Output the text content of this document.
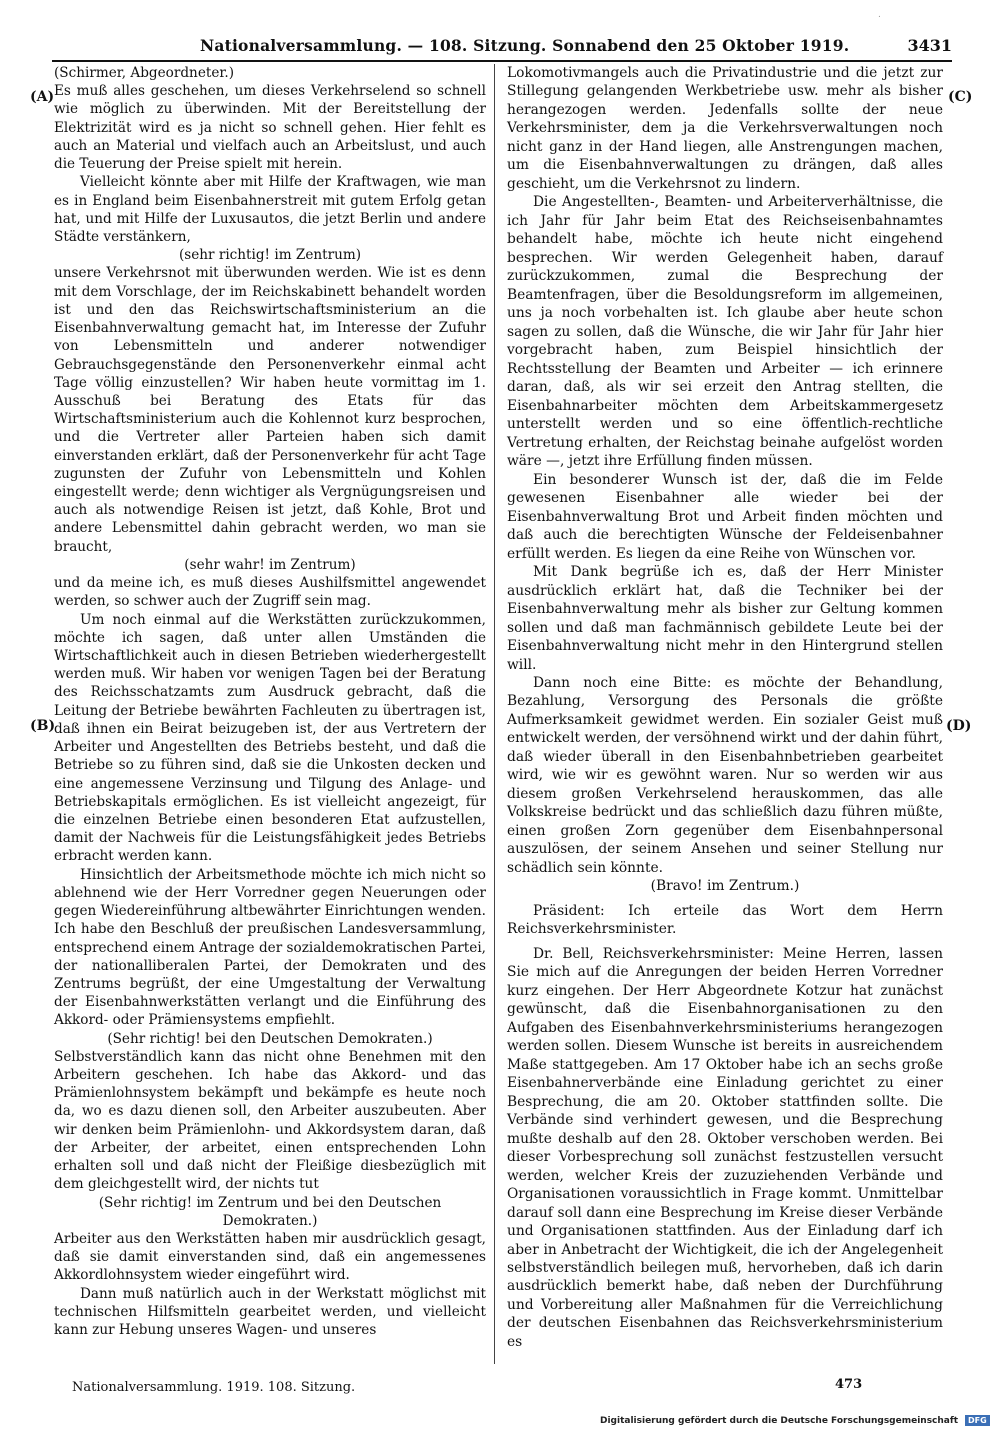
.
Nationalversammlung. — 108. Sitzung. Sonnabend den 25 Oktober 1919.	3431

(Schirmer, Abgeordneter.)

Es muß alles geschehen, um dieses Verkehrselend so schnell wie möglich zu überwinden. Mit der Bereitstellung der Elektrizität wird es ja nicht so schnell gehen. Hier fehlt es auch an Material und vielfach auch an Arbeitslust, und auch die Teuerung der Preise spielt mit herein.

Vielleicht könnte aber mit Hilfe der Kraftwagen, wie man es in England beim Eisenbahnerstreit mit gutem Erfolg getan hat, und mit Hilfe der Luxusautos, die jetzt Berlin und andere Städte verstänkern,

(sehr richtig! im Zentrum)

unsere Verkehrsnot mit überwunden werden. Wie ist es denn mit dem Vorschlage, der im Reichskabinett behandelt worden ist und den das Reichswirtschaftsministerium an die Eisenbahnverwaltung gemacht hat, im Interesse der Zufuhr von Lebensmitteln und anderer notwendiger Gebrauchsgegenstände den Personenverkehr einmal acht Tage völlig einzustellen? Wir haben heute vormittag im 1. Ausschuß bei Beratung des Etats für das Wirtschaftsministerium auch die Kohlennot kurz besprochen, und die Vertreter aller Parteien haben sich damit einverstanden erklärt, daß der Personenverkehr für acht Tage zugunsten der Zufuhr von Lebensmitteln und Kohlen eingestellt werde; denn wichtiger als Vergnügungsreisen und auch als notwendige Reisen ist jetzt, daß Kohle, Brot und andere Lebensmittel dahin gebracht werden, wo man sie braucht,

(sehr wahr! im Zentrum)

und da meine ich, es muß dieses Aushilfsmittel angewendet werden, so schwer auch der Zugriff sein mag.

Um noch einmal auf die Werkstätten zurückzukommen, möchte ich sagen, daß unter allen Umständen die Wirtschaftlichkeit auch in diesen Betrieben wiederhergestellt werden muß. Wir haben vor wenigen Tagen bei der Beratung des Reichsschatzamts zum Ausdruck gebracht, daß die Leitung der Betriebe bewährten Fachleuten zu übertragen ist, daß ihnen ein Beirat beizugeben ist, der aus Vertretern der Arbeiter und Angestellten des Betriebs besteht, und daß die Betriebe so zu führen sind, daß sie die Unkosten decken und eine angemessene Verzinsung und Tilgung des Anlage- und Betriebskapitals ermöglichen. Es ist vielleicht angezeigt, für die einzelnen Betriebe einen besonderen Etat aufzustellen, damit der Nachweis für die Leistungsfähigkeit jedes Betriebs erbracht werden kann.

Hinsichtlich der Arbeitsmethode möchte ich mich nicht so ablehnend wie der Herr Vorredner gegen Neuerungen oder gegen Wiedereinführung altbewährter Einrichtungen wenden. Ich habe den Beschluß der preußischen Landesversammlung, entsprechend einem Antrage der sozialdemokratischen Partei, der nationalliberalen Partei, der Demokraten und des Zentrums begrüßt, der eine Umgestaltung der Verwaltung der Eisenbahnwerkstätten verlangt und die Einführung des Akkord- oder Prämiensystems empfiehlt.

(Sehr richtig! bei den Deutschen Demokraten.)

Selbstverständlich kann das nicht ohne Benehmen mit den Arbeitern geschehen. Ich habe das Akkord- und das Prämienlohnsystem bekämpft und bekämpfe es heute noch da, wo es dazu dienen soll, den Arbeiter auszubeuten. Aber wir denken beim Prämienlohn- und Akkordsystem daran, daß der Arbeiter, der arbeitet, einen entsprechenden Lohn erhalten soll und daß nicht der Fleißige diesbezüglich mit dem gleichgestellt wird, der nichts tut

(Sehr richtig! im Zentrum und bei den Deutschen Demokraten.)

Arbeiter aus den Werkstätten haben mir ausdrücklich gesagt, daß sie damit einverstanden sind, daß ein angemessenes Akkordlohnsystem wieder eingeführt wird.

Dann muß natürlich auch in der Werkstatt möglichst mit technischen Hilfsmitteln gearbeitet werden, und vielleicht kann zur Hebung unseres Wagen- und unseres

Lokomotivmangels auch die Privatindustrie und die jetzt zur Stillegung gelangenden Werkbetriebe usw. mehr als bisher herangezogen werden. Jedenfalls sollte der neue Verkehrsminister, dem ja die Verkehrsverwaltungen noch nicht ganz in der Hand liegen, alle Anstrengungen machen, um die Eisenbahnverwaltungen zu drängen, daß alles geschieht, um die Verkehrsnot zu lindern.

Die Angestellten-, Beamten- und Arbeiterverhältnisse, die ich Jahr für Jahr beim Etat des Reichseisenbahnamtes behandelt habe, möchte ich heute nicht eingehend besprechen. Wir werden Gelegenheit haben, darauf zurückzukommen, zumal die Besprechung der Beamtenfragen, über die Besoldungsreform im allgemeinen, uns ja noch vorbehalten ist. Ich glaube aber heute schon sagen zu sollen, daß die Wünsche, die wir Jahr für Jahr hier vorgebracht haben, zum Beispiel hinsichtlich der Rechtsstellung der Beamten und Arbeiter — ich erinnere daran, daß, als wir sei erzeit den Antrag stellten, die Eisenbahnarbeiter möchten dem Arbeitskammergesetz unterstellt werden und so eine öffentlich-rechtliche Vertretung erhalten, der Reichstag beinahe aufgelöst worden wäre —, jetzt ihre Erfüllung finden müssen.

Ein besonderer Wunsch ist der, daß die im Felde gewesenen Eisenbahner alle wieder bei der Eisenbahnverwaltung Brot und Arbeit finden möchten und daß auch die berechtigten Wünsche der Feldeisenbahner erfüllt werden. Es liegen da eine Reihe von Wünschen vor.

Mit Dank begrüße ich es, daß der Herr Minister ausdrücklich erklärt hat, daß die Techniker bei der Eisenbahnverwaltung mehr als bisher zur Geltung kommen sollen und daß man fachmännisch gebildete Leute bei der Eisenbahnverwaltung nicht mehr in den Hintergrund stellen will.

Dann noch eine Bitte: es möchte der Behandlung, Bezahlung, Versorgung des Personals die größte Aufmerksamkeit gewidmet werden. Ein sozialer Geist muß entwickelt werden, der versöhnend wirkt und der dahin führt, daß wieder überall in den Eisenbahnbetrieben gearbeitet wird, wie wir es gewöhnt waren. Nur so werden wir aus diesem großen Verkehrselend herauskommen, das alle Volkskreise bedrückt und das schließlich dazu führen müßte, einen großen Zorn gegenüber dem Eisenbahnpersonal auszulösen, der seinem Ansehen und seiner Stellung nur schädlich sein könnte.

(Bravo! im Zentrum.)

Präsident: Ich erteile das Wort dem Herrn Reichsverkehrsminister.

Dr. Bell, Reichsverkehrsminister: Meine Herren, lassen Sie mich auf die Anregungen der beiden Herren Vorredner kurz eingehen. Der Herr Abgeordnete Kotzur hat zunächst gewünscht, daß die Eisenbahnorganisationen zu den Aufgaben des Eisenbahnverkehrsministeriums herangezogen werden sollen. Diesem Wunsche ist bereits in ausreichendem Maße stattgegeben. Am 17 Oktober habe ich an sechs große Eisenbahnerverbände eine Einladung gerichtet zu einer Besprechung, die am 20. Oktober stattfinden sollte. Die Verbände sind verhindert gewesen, und die Besprechung mußte deshalb auf den 28. Oktober verschoben werden. Bei dieser Vorbesprechung soll zunächst festzustellen versucht werden, welcher Kreis der zuzuziehenden Verbände und Organisationen voraussichtlich in Frage kommt. Unmittelbar darauf soll dann eine Besprechung im Kreise dieser Verbände und Organisationen stattfinden. Aus der Einladung darf ich aber in Anbetracht der Wichtigkeit, die ich der Angelegenheit selbstverständlich beilegen muß, hervorheben, daß ich darin ausdrücklich bemerkt habe, daß neben der Durchführung und Vorbereitung aller Maßnahmen für die Verreichlichung der deutschen Eisenbahnen das Reichsverkehrsministerium es

(A)
(B)
(C)
(D)
Nationalversammlung. 1919. 108. Sitzung.	473
Digitalisierung gefördert durch die Deutsche Forschungsgemeinschaft	DFG
